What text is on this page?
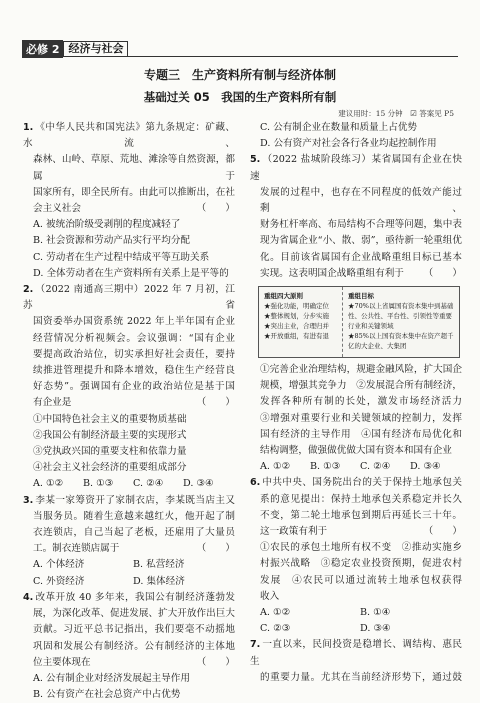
必修 2 经济与社会
专题三　生产资料所有制与经济体制
基础过关 05　我国的生产资料所有制
建议用时：15 分钟　☑ 答案见 P5
1. 《中华人民共和国宪法》第九条规定：矿藏、水流、
森林、山岭、草原、荒地、滩涂等自然资源，都属于
国家所有，即全民所有。由此可以推断出，在社
会主义社会	（　　）
A. 被统治阶级受剥削的程度减轻了
B. 社会资源和劳动产品实行平均分配
C. 劳动者在生产过程中结成平等互助关系
D. 全体劳动者在生产资料所有关系上是平等的
2. （2022 南通高三期中）2022 年 7 月初，江苏省
国资委举办国资系统 2022 年上半年国有企业
经营情况分析视频会。会议强调：“国有企业
要提高政治站位，切实承担好社会责任，要持
续推进管理提升和降本增效，稳住生产经营良
好态势”。强调国有企业的政治站位是基于国
有企业是	（　　）
①中国特色社会主义的重要物质基础
②我国公有制经济最主要的实现形式
③党执政兴国的重要支柱和依靠力量
④社会主义社会经济的重要组成部分
A. ①②	B. ①③	C. ②④	D. ③④
3. 李某一家筹资开了家制衣店，李某既当店主又
当服务员。随着生意越来越红火，他开起了制
衣连锁店，自己当起了老板，还雇用了大量员
工。制衣连锁店属于	（　　）
A. 个体经济	B. 私营经济
C. 外资经济	D. 集体经济
4. 改革开放 40 多年来，我国公有制经济蓬勃发
展，为深化改革、促进发展、扩大开放作出巨大
贡献。习近平总书记指出，我们要毫不动摇地
巩固和发展公有制经济。公有制经济的主体地
位主要体现在	（　　）
A. 公有制企业对经济发展起主导作用
B. 公有资产在社会总资产中占优势
C. 公有制企业在数量和质量上占优势
D. 公有资产对社会各行各业均起控制作用
5. （2022 盐城阶段练习）某省属国有企业在快速
发展的过程中，也存在不同程度的低效产能过剩、
财务杠杆率高、布局结构不合理等问题，集中表
现为省属企业“小、散、弱”，亟待新一轮重组优
化。目前该省属国有企业战略重组目标已基本
实现。这表明国企战略重组有利于 （　　）
重组四大原则
★强化功能，明确定位
★整体规划，分步实施
★突出主业，合理归并
★开放重组，有进有退
重组目标
★70%以上省属国有资本集中到基础性、公共性、平台性、引领性等重要行业和关键领域
★85%以上国有资本集中在资产超千亿的大企业、大集团
①完善企业治理结构，规避金融风险，扩大国企
规模，增强其竞争力　②发展混合所有制经济，
发挥各种所有制的长处，激发市场经济活力
③增强对重要行业和关键领域的控制力，发挥
国有经济的主导作用　④国有经济布局优化和
结构调整，做强做优做大国有资本和国有企业
A. ①②	B. ①③	C. ②④	D. ③④
6. 中共中央、国务院出台的关于保持土地承包关
系的意见提出：保持土地承包关系稳定并长久
不变，第二轮土地承包到期后再延长三十年。
这一政策有利于	（　　）
①农民的承包土地所有权不变　②推动实施乡
村振兴战略　③稳定农业投资预期，促进农村
发展　④农民可以通过流转土地承包权获得
收入
A. ①②	B. ①④
C. ②③	D. ③④
7. 一直以来，民间投资是稳增长、调结构、惠民生
的重要力量。尤其在当前经济形势下，通过鼓
